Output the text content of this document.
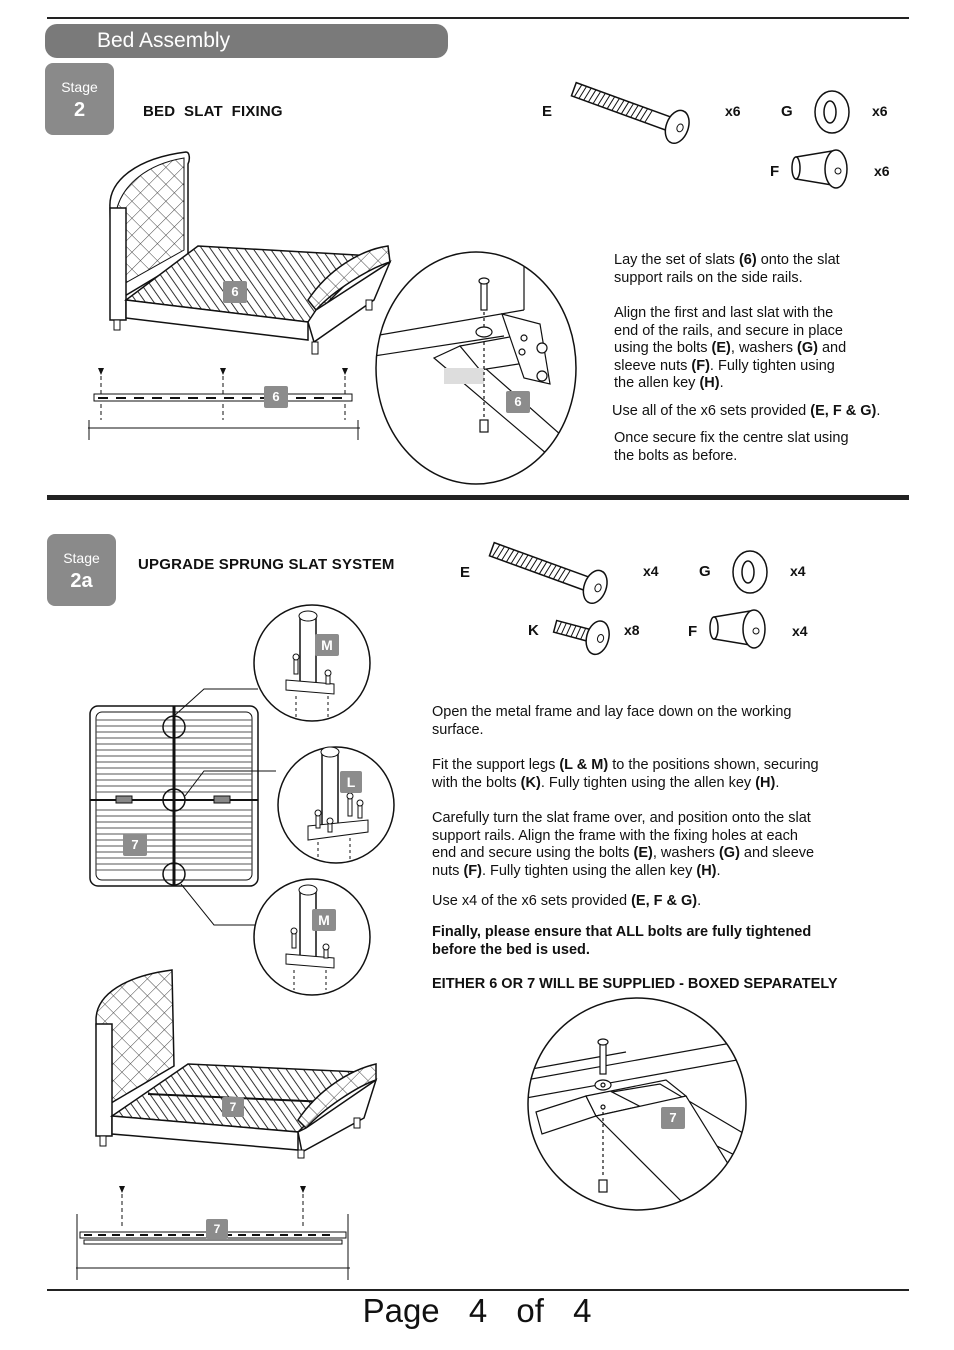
Bed Assembly
Stage
2	BED  SLAT  FIXING	E	x6	G	x6
F	x6
6
6	6
Lay the set of slats (6) onto the slat
support rails on the side rails.
Align the first and last slat with the
end of the rails, and secure in place
using the bolts (E), washers (G) and
sleeve nuts (F). Fully tighten using
the allen key (H).
Use all of the x6 sets provided (E, F & G).
Once secure fix the centre slat using
the bolts as before.
Stage
2a
UPGRADE SPRUNG SLAT SYSTEM	E	x4	G	x4
K	x8	F	x4
M
L
M
7
7
7
Open the metal frame and lay face down on the working
surface.
Fit the support legs (L & M) to the positions shown, securing
with the bolts (K). Fully tighten using the allen key (H).
Carefully turn the slat frame over, and position onto the slat
support rails. Align the frame with the fixing holes at each
end and secure using the bolts (E), washers (G) and sleeve
nuts (F). Fully tighten using the allen key (H).
Use x4 of the x6 sets provided (E, F & G).
Finally, please ensure that ALL bolts are fully tightened
before the bed is used.
EITHER 6 OR 7 WILL BE SUPPLIED - BOXED SEPARATELY
7
Page 4 of 4
